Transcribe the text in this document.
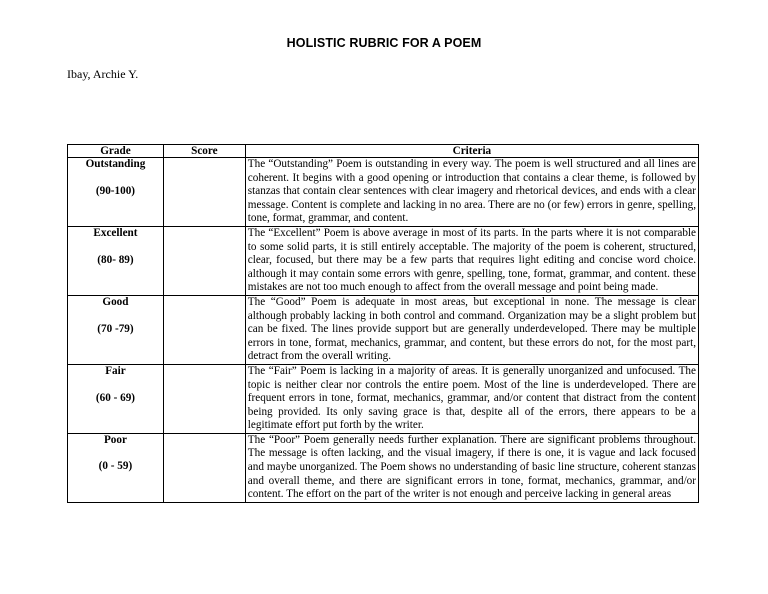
HOLISTIC RUBRIC FOR A POEM
Ibay, Archie Y.
Grade	Score	Criteria

Outstanding
(90-100)		The “Outstanding” Poem is outstanding in every way. The poem is well structured and all lines are coherent. It begins with a good opening or introduction that contains a clear theme, is followed by stanzas that contain clear sentences with clear imagery and rhetorical devices, and ends with a clear message. Content is complete and lacking in no area. There are no (or few) errors in genre, spelling, tone, format, grammar, and content.

Excellent
(80- 89)		The “Excellent” Poem is above average in most of its parts. In the parts where it is not comparable to some solid parts, it is still entirely acceptable. The majority of the poem is coherent, structured, clear, focused, but there may be a few parts that requires light editing and concise word choice. although it may contain some errors with genre, spelling, tone, format, grammar, and content. these mistakes are not too much enough to affect from the overall message and point being made.

Good
(70 -79)		The “Good” Poem is adequate in most areas, but exceptional in none. The message is clear although probably lacking in both control and command. Organization may be a slight problem but can be fixed. The lines provide support but are generally underdeveloped. There may be multiple errors in tone, format, mechanics, grammar, and content, but these errors do not, for the most part, detract from the overall writing.

Fair
(60 - 69)		The “Fair” Poem is lacking in a majority of areas. It is generally unorganized and unfocused. The topic is neither clear nor controls the entire poem. Most of the line is underdeveloped. There are frequent errors in tone, format, mechanics, grammar, and/or content that distract from the content being provided. Its only saving grace is that, despite all of the errors, there appears to be a legitimate effort put forth by the writer.

Poor
(0 - 59)		The “Poor” Poem generally needs further explanation. There are significant problems throughout. The message is often lacking, and the visual imagery, if there is one, it is vague and lack focused and maybe unorganized. The Poem shows no understanding of basic line structure, coherent stanzas and overall theme, and there are significant errors in tone, format, mechanics, grammar, and/or content. The effort on the part of the writer is not enough and perceive lacking in general areas
